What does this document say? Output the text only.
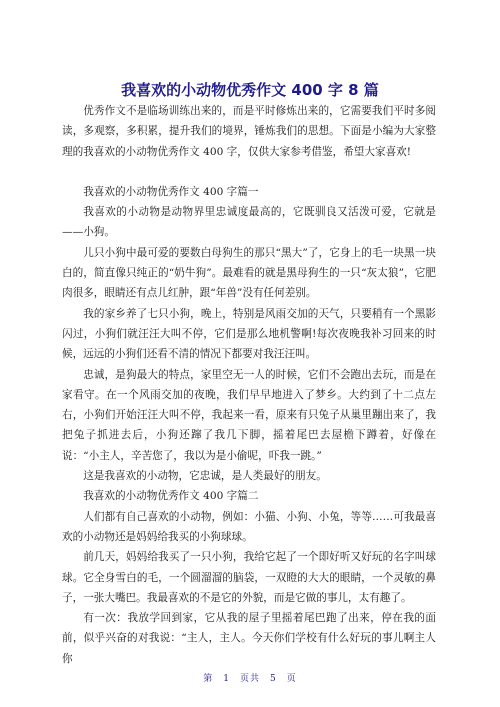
我喜欢的小动物优秀作文 400 字 8 篇

优秀作文不是临场训练出来的，而是平时修炼出来的，它需要我们平时多阅读，多观察，多积累，提升我们的境界，锤炼我们的思想。下面是小编为大家整理的我喜欢的小动物优秀作文 400 字，仅供大家参考借鉴，希望大家喜欢!

我喜欢的小动物优秀作文 400 字篇一

我喜欢的小动物是动物界里忠诚度最高的，它既驯良又活泼可爱，它就是——小狗。

儿只小狗中最可爱的要数白母狗生的那只“黑大”了，它身上的毛一块黑一块白的，简直像只纯正的“奶牛狗”。最难看的就是黑母狗生的一只“灰太狼”，它肥肉很多，眼睛还有点儿红肿，跟“年兽”没有任何差别。

我的家乡养了七只小狗，晚上，特别是风雨交加的天气，只要稍有一个黑影闪过，小狗们就汪汪大叫不停，它们是那么地机警啊!每次夜晚我补习回来的时候，远远的小狗们还看不清的情况下都要对我汪汪叫。

忠诚，是狗最大的特点，家里空无一人的时候，它们不会跑出去玩，而是在家看守。在一个风雨交加的夜晚，我们早早地进入了梦乡。大约到了十二点左右，小狗们开始汪汪大叫不停，我起来一看，原来有只兔子从巢里蹦出来了，我把兔子抓进去后，小狗还蹿了我几下脚，摇着尾巴去屋檐下蹲着，好像在说：“小主人，辛苦您了，我以为是小偷呢，吓我一跳。”

这是我喜欢的小动物，它忠诚，是人类最好的朋友。

我喜欢的小动物优秀作文 400 字篇二

人们都有自己喜欢的小动物，例如：小猫、小狗、小兔，等等……可我最喜欢的小动物还是妈妈给我买的小狗球球。

前几天，妈妈给我买了一只小狗，我给它起了一个即好听又好玩的名字叫球球。它全身雪白的毛，一个圆溜溜的脑袋，一双瞪的大大的眼睛，一个灵敏的鼻子，一张大嘴巴。我最喜欢的不是它的外貌，而是它做的事儿，太有趣了。

有一次：我放学回到家，它从我的屋子里摇着尾巴跑了出来，停在我的面前，似乎兴奋的对我说：“主人，主人。今天你们学校有什么好玩的事儿啊主人你

第 1 页共 5 页
